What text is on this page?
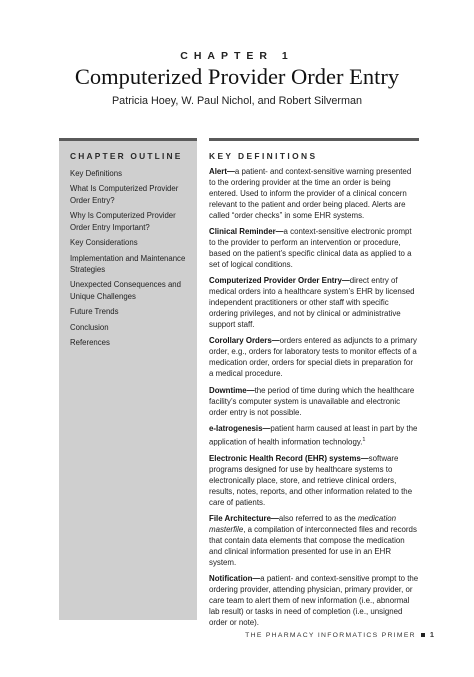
CHAPTER 1
Computerized Provider Order Entry
Patricia Hoey, W. Paul Nichol, and Robert Silverman
CHAPTER OUTLINE
Key Definitions
What Is Computerized Provider Order Entry?
Why Is Computerized Provider Order Entry Important?
Key Considerations
Implementation and Maintenance Strategies
Unexpected Consequences and Unique Challenges
Future Trends
Conclusion
References
KEY DEFINITIONS

Alert—a patient- and context-sensitive warning presented to the ordering provider at the time an order is being entered. Used to inform the provider of a clinical concern relevant to the patient and order being placed. Alerts are called “order checks” in some EHR systems.

Clinical Reminder—a context-sensitive electronic prompt to the provider to perform an intervention or procedure, based on the patient’s specific clinical data as applied to a set of logical conditions.

Computerized Provider Order Entry—direct entry of medical orders into a healthcare system’s EHR by licensed independent practitioners or other staff with specific ordering privileges, and not by clinical or administrative support staff.

Corollary Orders—orders entered as adjuncts to a primary order, e.g., orders for laboratory tests to monitor effects of a medication order, orders for special diets in preparation for a medical procedure.

Downtime—the period of time during which the healthcare facility’s computer system is unavailable and electronic order entry is not possible.

e-Iatrogenesis—patient harm caused at least in part by the application of health information technology.$^1$

Electronic Health Record (EHR) systems—software programs designed for use by healthcare systems to electronically place, store, and retrieve clinical orders, results, notes, reports, and other information related to the care of patients.

File Architecture—also referred to as the medication masterfile, a compilation of interconnected files and records that contain data elements that compose the medication and clinical information presented for use in an EHR system.

Notification—a patient- and context-sensitive prompt to the ordering provider, attending physician, primary provider, or care team to alert them of new information (i.e., abnormal lab result) or tasks in need of completion (i.e., unsigned order or note).

THE PHARMACY INFORMATICS PRIMER 1
